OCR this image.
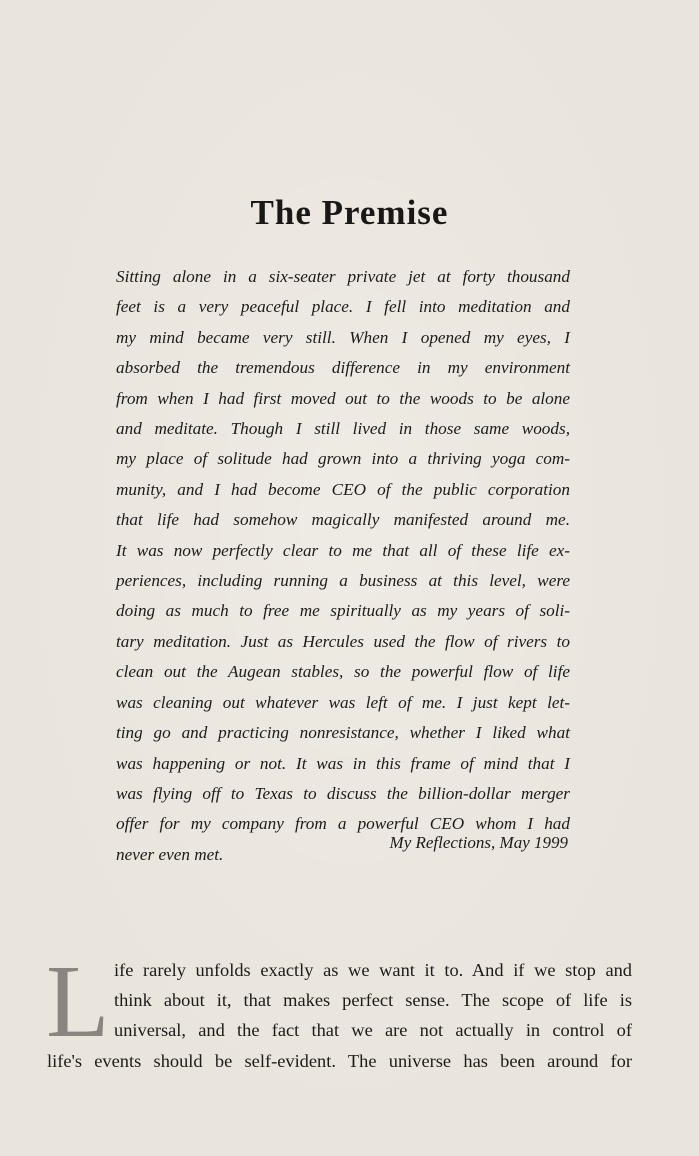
The Premise
Sitting alone in a six-seater private jet at forty thousand
feet is a very peaceful place. I fell into meditation and
my mind became very still. When I opened my eyes, I
absorbed the tremendous difference in my environment
from when I had first moved out to the woods to be alone
and meditate. Though I still lived in those same woods,
my place of solitude had grown into a thriving yoga com-
munity, and I had become CEO of the public corporation
that life had somehow magically manifested around me.
It was now perfectly clear to me that all of these life ex-
periences, including running a business at this level, were
doing as much to free me spiritually as my years of soli-
tary meditation. Just as Hercules used the flow of rivers to
clean out the Augean stables, so the powerful flow of life
was cleaning out whatever was left of me. I just kept let-
ting go and practicing nonresistance, whether I liked what
was happening or not. It was in this frame of mind that I
was flying off to Texas to discuss the billion-dollar merger
offer for my company from a powerful CEO whom I had
never even met.
My Reflections, May 1999
L ife rarely unfolds exactly as we want it to. And if we stop and
think about it, that makes perfect sense. The scope of life is
universal, and the fact that we are not actually in control of
life's events should be self-evident. The universe has been around for
